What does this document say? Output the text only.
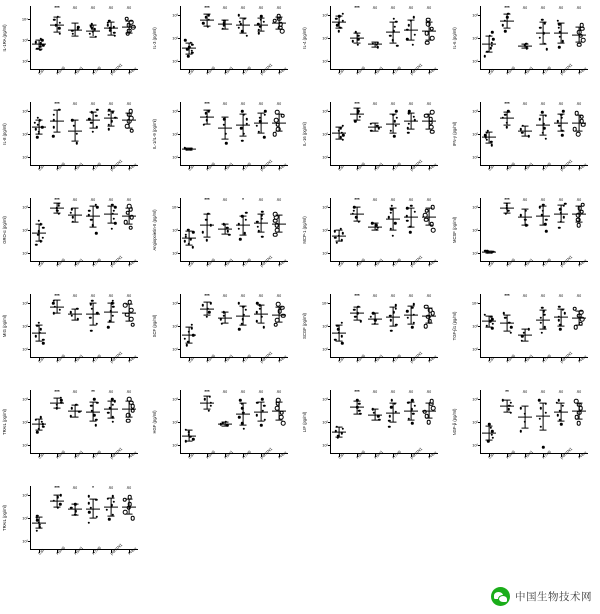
10²
10³
10⁴
***	ns	ns	ns	ns
IL-1RA (pg/ml)
Ctrl	H5N6 H5N1 H7N9 pdH1N1 Pneu
10¹
10²
10³
***	ns	ns	ns	ns
IL-3 (pg/ml)
Ctrl	H5N6 H5N1 H7N9 pdH1N1 Pneu
10¹
10²
10³
***	ns	ns	ns	ns
IL-4 (pg/ml)
Ctrl	H5N6 H5N1 H7N9 pdH1N1 Pneu
10¹
10²
10³
***	ns	ns	ns	ns
IL-6 (pg/ml)
Ctrl	H5N6 H5N1 H7N9 pdH1N1 Pneu
10¹
10²
10³
***	ns	ns	ns	ns
IL-8 (pg/ml)
Ctrl	H5N6 H5N1 H7N9 pdH1N1 Pneu
10¹
10²
10³
***	ns	ns	ns	ns
IL-1/IL-9 (pg/ml)
Ctrl	H5N6 H5N1 H7N9 pdH1N1 Pneu
10¹
10²
10³
***	ns	ns	ns	ns
IL-16 (pg/ml)
Ctrl	H5N6 H5N1 H7N9 pdH1N1 Pneu
10¹
10²
10³
***	ns	ns	ns	ns
IFN-γ (pg/ml)
Ctrl	H5N6 H5N1 H7N9 pdH1N1 Pneu
10¹
10²
10³
***	ns	ns	ns	ns
GRO-α (pg/ml)
Ctrl	H5N6 H5N1 H7N9 pdH1N1 Pneu
10²
10³
10⁴
***	ns	*	ns	ns
Angiopoietin-II (pg/ml)
Ctrl	H5N6 H5N1 H7N9 pdH1N1 Pneu
10¹
10²
10³
***	ns	ns	ns	ns
MCP-1 (pg/ml)
Ctrl	H5N6 H5N1 H7N9 pdH1N1 Pneu
10¹
10²
10³
***	ns	ns	ns	ns
MCSF (pg/ml)
Ctrl	H5N6 H5N1 H7N9 pdH1N1 Pneu
10¹
10²
10³
***	ns	ns	ns	ns
MIG (pg/ml)
Ctrl	H5N6 H5N1 H7N9 pdH1N1 Pneu
10¹
10²
10³
***	ns	ns	ns	ns
SCF (pg/ml)
Ctrl	H5N6 H5N1 H7N9 pdH1N1 Pneu
10²
10³
10⁴
***	ns	ns	ns	ns
SCGF (pg/ml)
Ctrl	H5N6 H5N1 H7N9 pdH1N1 Pneu
10²
10³
10⁴
***	ns	ns	ns	ns
TGF-β1 (pg/ml)
Ctrl	H5N6 H5N1 H7N9 pdH1N1 Pneu
10¹
10²
10³
***	ns	**	ns	ns
TRAIL (pg/ml)
Ctrl	H5N6 H5N1 H7N9 pdH1N1 Pneu
10¹
10²
10³
***	ns	ns	ns	ns
HGF (pg/ml)
Ctrl	H5N6 H5N1 H7N9 pdH1N1 Pneu
10¹
10²
10³
***	ns	ns	ns	ns
LIF (pg/ml)
Ctrl	H5N6 H5N1 H7N9 pdH1N1 Pneu
10¹
10²
10³
**	ns	ns	ns	ns
NGF-β (pg/ml)
Ctrl	H5N6 H5N1 H7N9 pdH1N1 Pneu
10¹
10²
10³
***	ns	*	ns	ns
TRAIL (pg/ml)
Ctrl	H5N6 H5N1 H7N9 pdH1N1 Pneu
中国生物技术网
